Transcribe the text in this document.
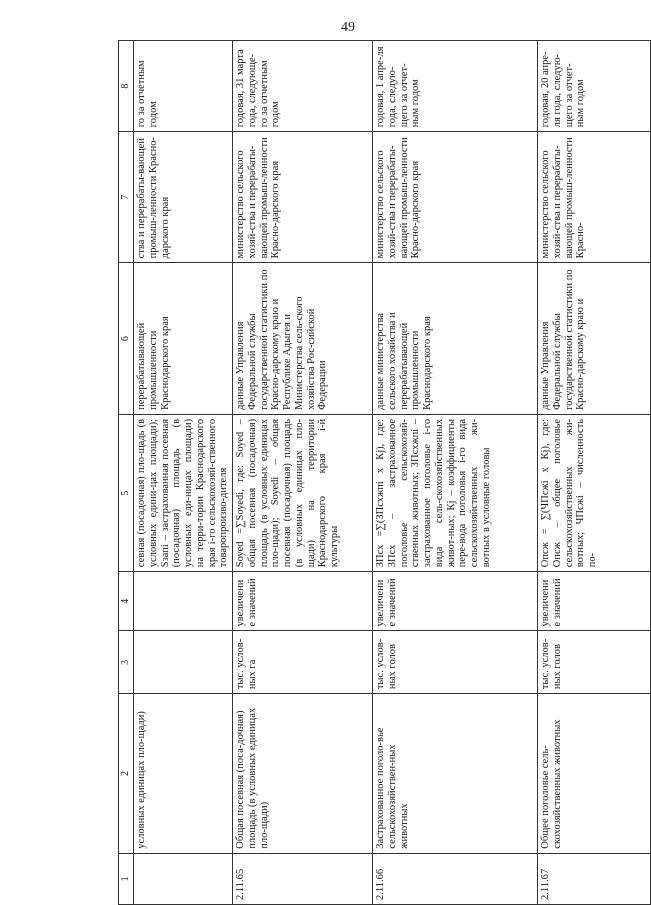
49
1	2	3	4	5	6	7	8
	условных единицах пло-щади)			севная (посадочная) пло-щадь (в условных едини-цах площади); Sзапi – застрахованная посевная (посадочная) площадь (в условных еди-ницах площади) на терри-тории Краснодарского края i-го сельскохозяй-ственного товаропроизво-дителя	перерабатывающей промышленности Краснодарского края	ства и перерабаты-вающей промыш-ленности Красно-дарского края	го за отчетным годом
2.11.65	Общая посевная (поса-дочная) площадь (в условных единицах пло-щади)	тыс. услов-ных га	увеличение значений	Sоуеd =∑Sоуеdi, где: Sоуеd – общая посевная (посадочная) площадь (в условных единицах пло-щади); Sоуеdi – общая посевная (посадочная) площадь (в условных единицах пло-щади) на территории Краснодарского края i-й культуры	данные Управления Федеральной службы государственной статистики по Красно-дарскому краю и Республике Адыгея и Министерства сель-ского хозяйства Рос-сийской Федерации	министерство сельского хозяй-ства и перерабаты-вающей промыш-ленности Красно-дарского края	годовая, 31 марта года, следующе-го за отчетным годом
2.11.66	Застрахованное поголо-вье сельскохозяйствен-ных животных	тыс. услов-ных голов	увеличение значений	ЗПсх =∑(ЗПсхжпi x Кj), где: ЗПсх – застрахованное поголовье сельскохозяй-ственных животных; ЗПсхжпi – застрахованное поголовье i-го вида сель-скохозяйственных живот-ных; Кj – коэффициенты пере-вода поголовья i-го вида сельскохозяйственных жи-вотных в условные головы	данные министерства сельского хозяйства и перерабатывающей промышленности Краснодарского края	министерство сельского хозяй-ства и перерабаты-вающей промыш-ленности Красно-дарского края	годовая, 1 апре-ля года, следую-щего за отчет-ным годом
2.11.67	Общее поголовье сель-скохозяйственных животных	тыс. услов-ных голов	увеличение значений	Опсж = ∑(ЧПсжi x Кj), где: Опсж – общее поголовье сельскохозяйственных жи-вотных; ЧПсжi – численность по-	данные Управления Федеральной службы государственной статистики по Красно-дарскому краю и	министерство сельского хозяй-ства и перерабаты-вающей промыш-ленности Красно-	годовая, 20 апре-ля года, следую-щего за отчет-ным годом
